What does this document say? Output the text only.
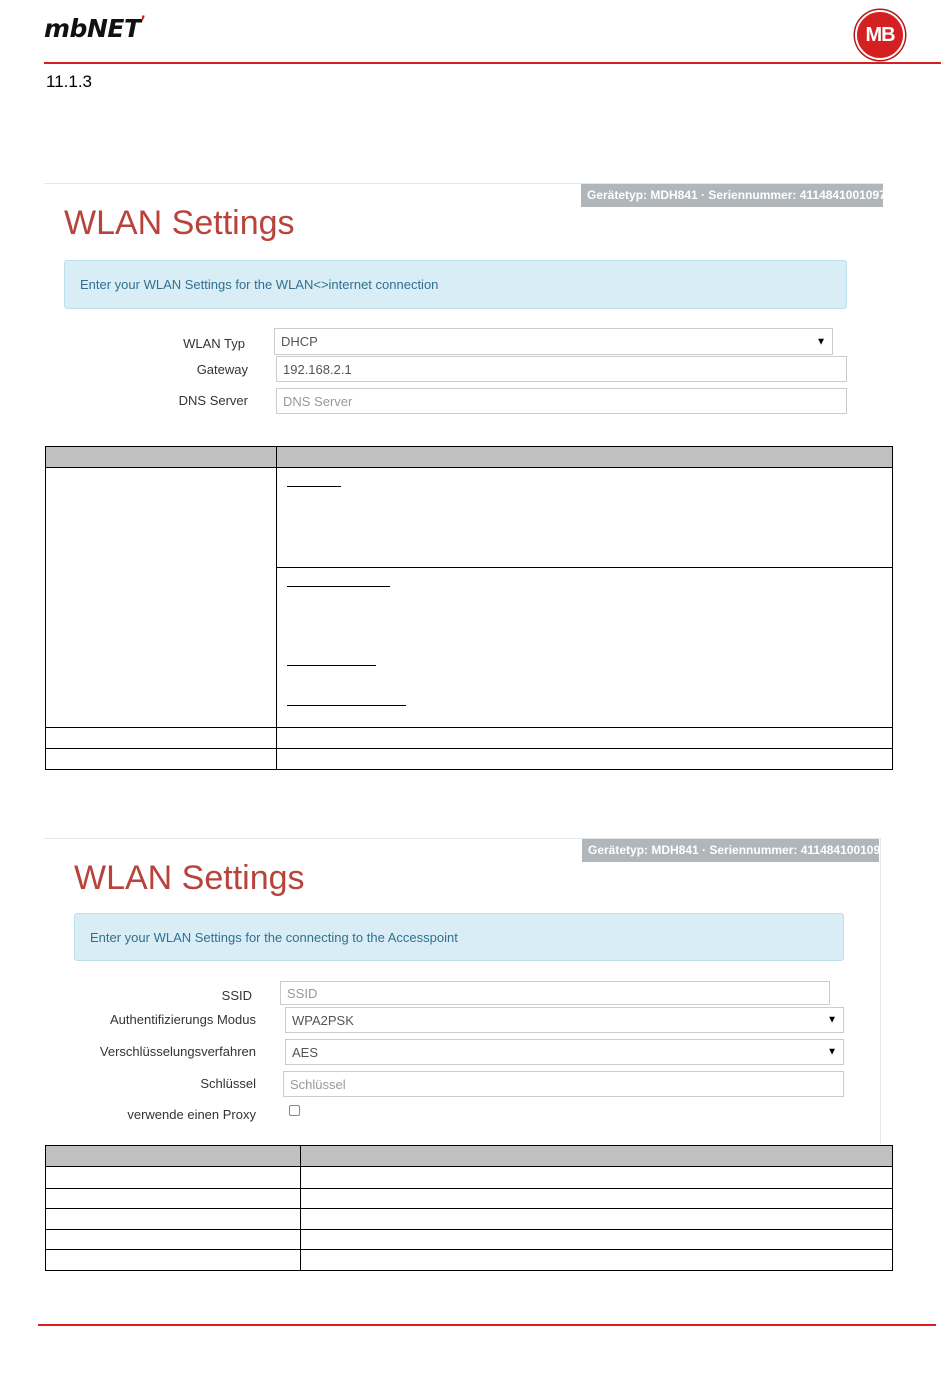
mbNET’
MB
11.1.3
Gerätetyp: MDH841 · Seriennummer: 41148410010979
WLAN Settings
Enter your WLAN Settings for the WLAN<>internet connection
WLAN Typ	DHCP	▼
Gateway	192.168.2.1
DNS Server	DNS Server
Gerätetyp: MDH841 · Seriennummer: 41148410010979
WLAN Settings
Enter your WLAN Settings for the connecting to the Accesspoint
SSID	SSID
Authentifizierungs Modus	WPA2PSK	▼
Verschlüsselungsverfahren	AES	▼
Schlüssel	Schlüssel
verwende einen Proxy
